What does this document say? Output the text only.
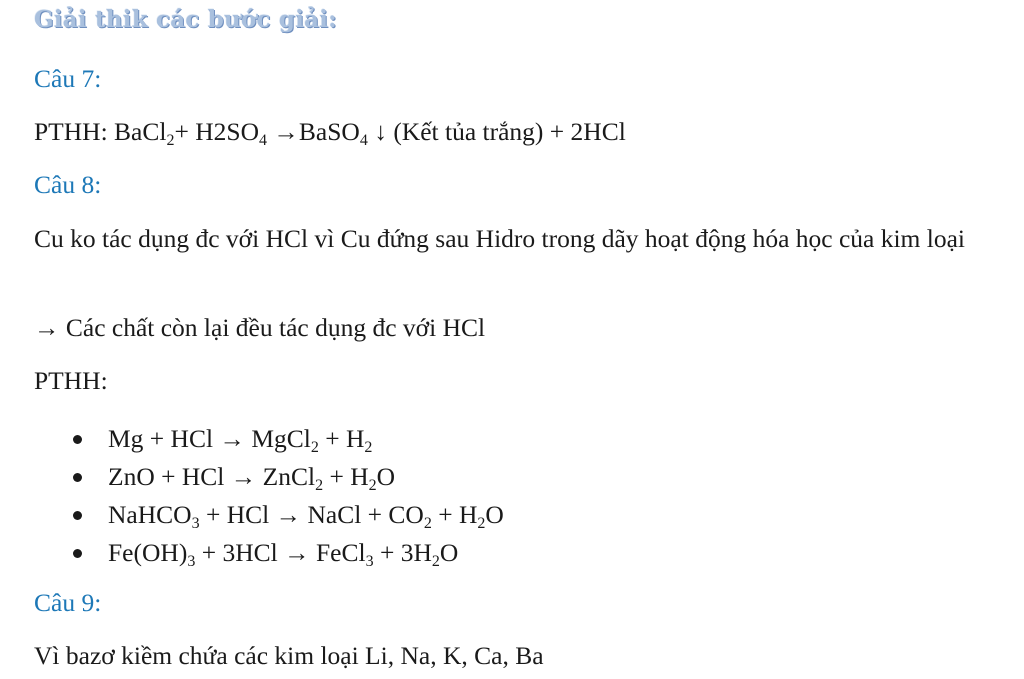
Giải thik các bước giải:
Câu 7:
PTHH: BaCl$_2$+ $H2SO_4$ →BaSO$_4$ ↓ (Kết tủa trắng) + 2HCl
Câu 8:
Cu ko tác dụng đc với HCl vì Cu đứng sau Hidro trong dãy hoạt động hóa học của kim loại
→ Các chất còn lại đều tác dụng đc với HCl
PTHH:
Mg + HCl → MgCl$_2$ + $H_2$
ZnO + HCl → ZnCl$_2$ + $H_2O$
NaHCO$_3$ + HCl → NaCl + $CO_2 + H_2O$
$Fe(OH)_3 + 3HCl$ → FeCl$_3$ + $3H_2O$
Câu 9:
Vì bazơ kiềm chứa các kim loại Li, Na, K, Ca, Ba
